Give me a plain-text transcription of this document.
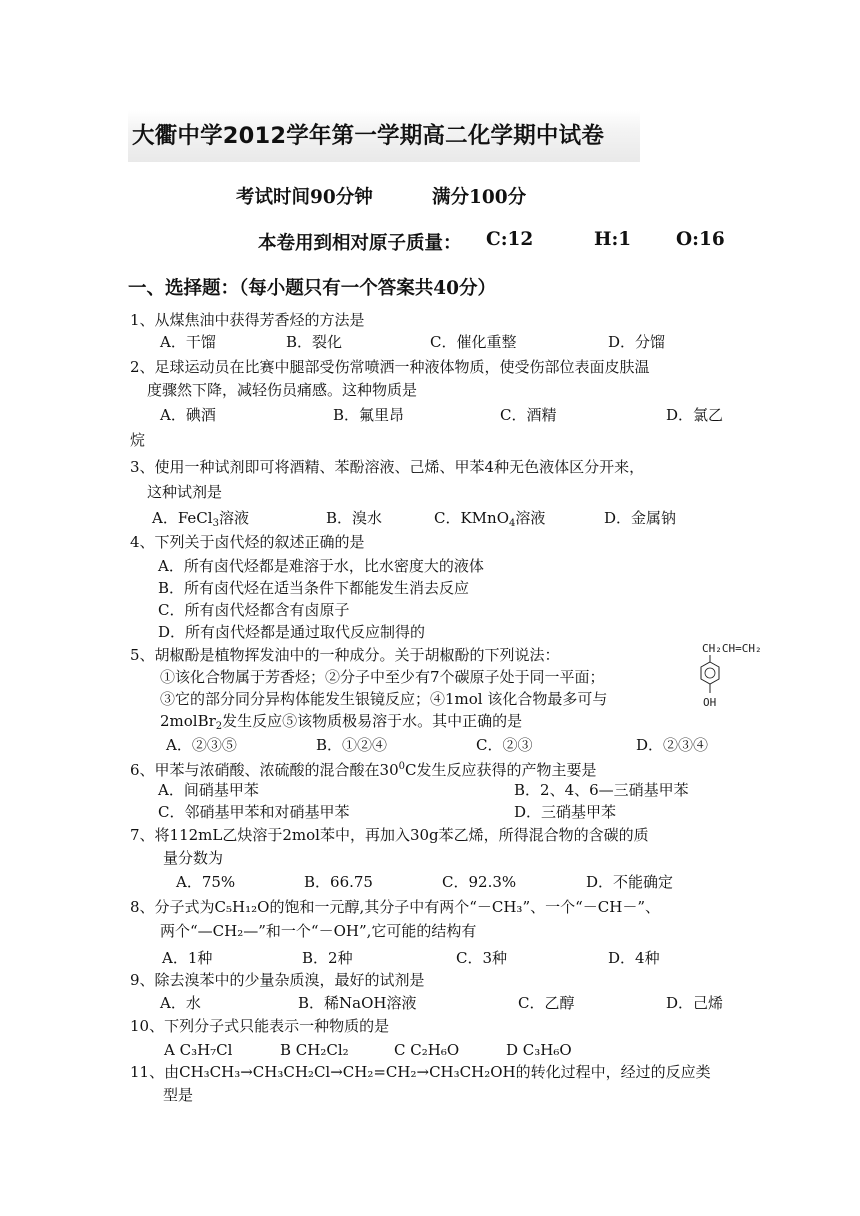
大衢中学2012学年第一学期高二化学期中试卷
考试时间90分钟	满分100分
本卷用到相对原子质量： C:12	H:1 O:16
一、选择题：（每小题只有一个答案共40分）
1、从煤焦油中获得芳香烃的方法是
A．干馏	B．裂化	C．催化重整	D．分馏
2、足球运动员在比赛中腿部受伤常喷洒一种液体物质，使受伤部位表面皮肤温
度骤然下降，减轻伤员痛感。这种物质是
A．碘酒	B．氟里昂	C．酒精	D．氯乙
烷
3、使用一种试剂即可将酒精、苯酚溶液、己烯、甲苯4种无色液体区分开来，
这种试剂是
A．FeCl$_3$溶液	B．溴水	C．KMnO$_4$溶液	D．金属钠
4、下列关于卤代烃的叙述正确的是
A．所有卤代烃都是难溶于水，比水密度大的液体
B．所有卤代烃在适当条件下都能发生消去反应
C．所有卤代烃都含有卤原子
D．所有卤代烃都是通过取代反应制得的
5、胡椒酚是植物挥发油中的一种成分。关于胡椒酚的下列说法：
①该化合物属于芳香烃；②分子中至少有7个碳原子处于同一平面；
③它的部分同分异构体能发生银镜反应；④1mol 该化合物最多可与
2molBr$_2$发生反应⑤该物质极易溶于水。其中正确的是
A．②③⑤	B．①②④	C．②③	D．②③④
CH₂CH=CH₂
OH
6、甲苯与浓硝酸、浓硫酸的混合酸在$30^0C$发生反应获得的产物主要是
A．间硝基甲苯	B．2、4、6—三硝基甲苯
C．邻硝基甲苯和对硝基甲苯	D．三硝基甲苯
7、将112mL乙炔溶于2mol苯中，再加入30g苯乙烯，所得混合物的含碳的质
量分数为
A．75%	B．66.75	C．92.3%	D．不能确定
8、分子式为C₅H₁₂O的饱和一元醇,其分子中有两个“－CH₃”、一个“－CH－”、
两个“—CH₂—”和一个“－OH”,它可能的结构有
A．1种	B．2种	C．3种	D．4种
9、除去溴苯中的少量杂质溴，最好的试剂是
A．水	B．稀NaOH溶液	C．乙醇	D．己烯
10、下列分子式只能表示一种物质的是
A C₃H₇Cl	B CH₂Cl₂	C C₂H₆O	D C₃H₆O
11、由CH₃CH₃→CH₃CH₂Cl→CH₂=CH₂→CH₃CH₂OH的转化过程中，经过的反应类
型是
